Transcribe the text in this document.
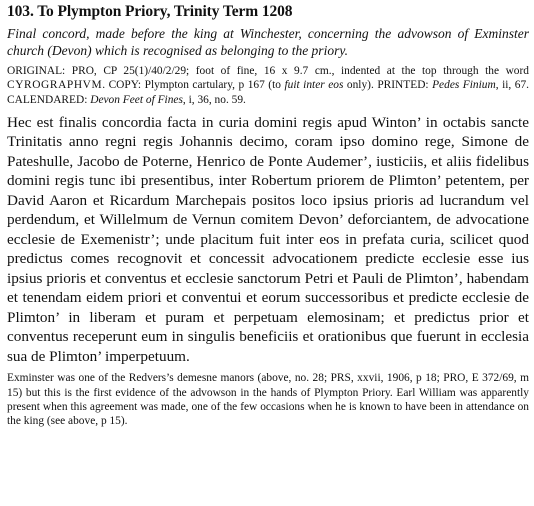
103. To Plympton Priory, Trinity Term 1208

Final concord, made before the king at Winchester, concerning the advowson of Exminster church (Devon) which is recognised as belonging to the priory.

ORIGINAL: PRO, CP 25(1)/40/2/29; foot of fine, 16 x 9.7 cm., indented at the top through the word CYROGRAPHVM. COPY: Plympton cartulary, p 167 (to fuit inter eos only). PRINTED: Pedes Finium, ii, 67. CALENDARED: Devon Feet of Fines, i, 36, no. 59.

Hec est finalis concordia facta in curia domini regis apud Winton’ in octabis sancte Trinitatis anno regni regis Johannis decimo, coram ipso domino rege, Simone de Pateshulle, Jacobo de Poterne, Henrico de Ponte Audemer’, iusticiis, et aliis fidelibus domini regis tunc ibi presentibus, inter Robertum priorem de Plimton’ petentem, per David Aaron et Ricardum Marchepais positos loco ipsius prioris ad lucrandum vel perdendum, et Willelmum de Vernun comitem Devon’ deforciantem, de advocatione ecclesie de Exemenistr’; unde placitum fuit inter eos in prefata curia, scilicet quod predictus comes recognovit et concessit advocationem predicte ecclesie esse ius ipsius prioris et conventus et ecclesie sanctorum Petri et Pauli de Plimton’, habendam et tenendam eidem priori et conventui et eorum successoribus et predicte ecclesie de Plimton’ in liberam et puram et perpetuam elemosinam; et predictus prior et conventus receperunt eum in singulis beneficiis et orationibus que fuerunt in ecclesia sua de Plimton’ imperpetuum.

Exminster was one of the Redvers’s demesne manors (above, no. 28; PRS, xxvii, 1906, p 18; PRO, E 372/69, m 15) but this is the first evidence of the advowson in the hands of Plympton Priory. Earl William was apparently present when this agreement was made, one of the few occasions when he is known to have been in attendance on the king (see above, p 15).
